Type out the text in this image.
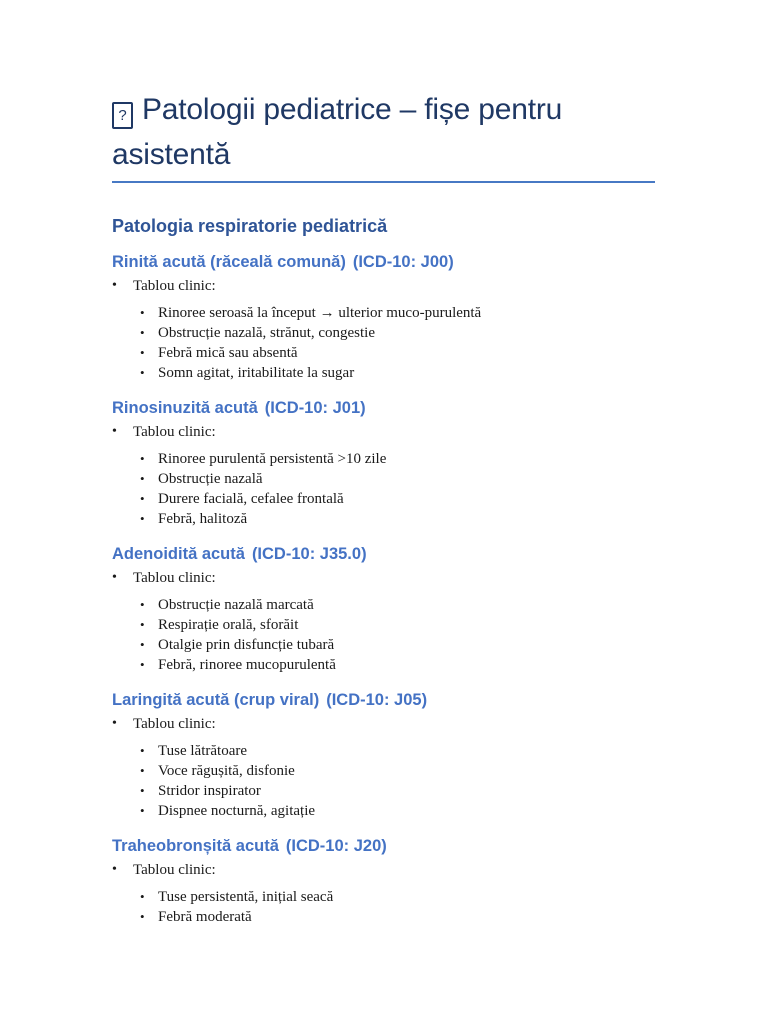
?Patologii pediatrice – fișe pentru asistentă
Patologia respiratorie pediatrică
Rinită acută (răceală comună) (ICD-10: J00)
•
Tablou clinic:
•
Rinoree seroasă la început → ulterior muco-purulentă
•
Obstrucție nazală, strănut, congestie
•
Febră mică sau absentă
•
Somn agitat, iritabilitate la sugar
Rinosinuzită acută (ICD-10: J01)
•
Tablou clinic:
•
Rinoree purulentă persistentă >10 zile
•
Obstrucție nazală
•
Durere facială, cefalee frontală
•
Febră, halitoză
Adenoidită acută (ICD-10: J35.0)
•
Tablou clinic:
•
Obstrucție nazală marcată
•
Respirație orală, sforăit
•
Otalgie prin disfuncție tubară
•
Febră, rinoree mucopurulentă
Laringită acută (crup viral) (ICD-10: J05)
•
Tablou clinic:
•
Tuse lătrătoare
•
Voce răgușită, disfonie
•
Stridor inspirator
•
Dispnee nocturnă, agitație
Traheobronșită acută (ICD-10: J20)
•
Tablou clinic:
•
Tuse persistentă, inițial seacă
•
Febră moderată
